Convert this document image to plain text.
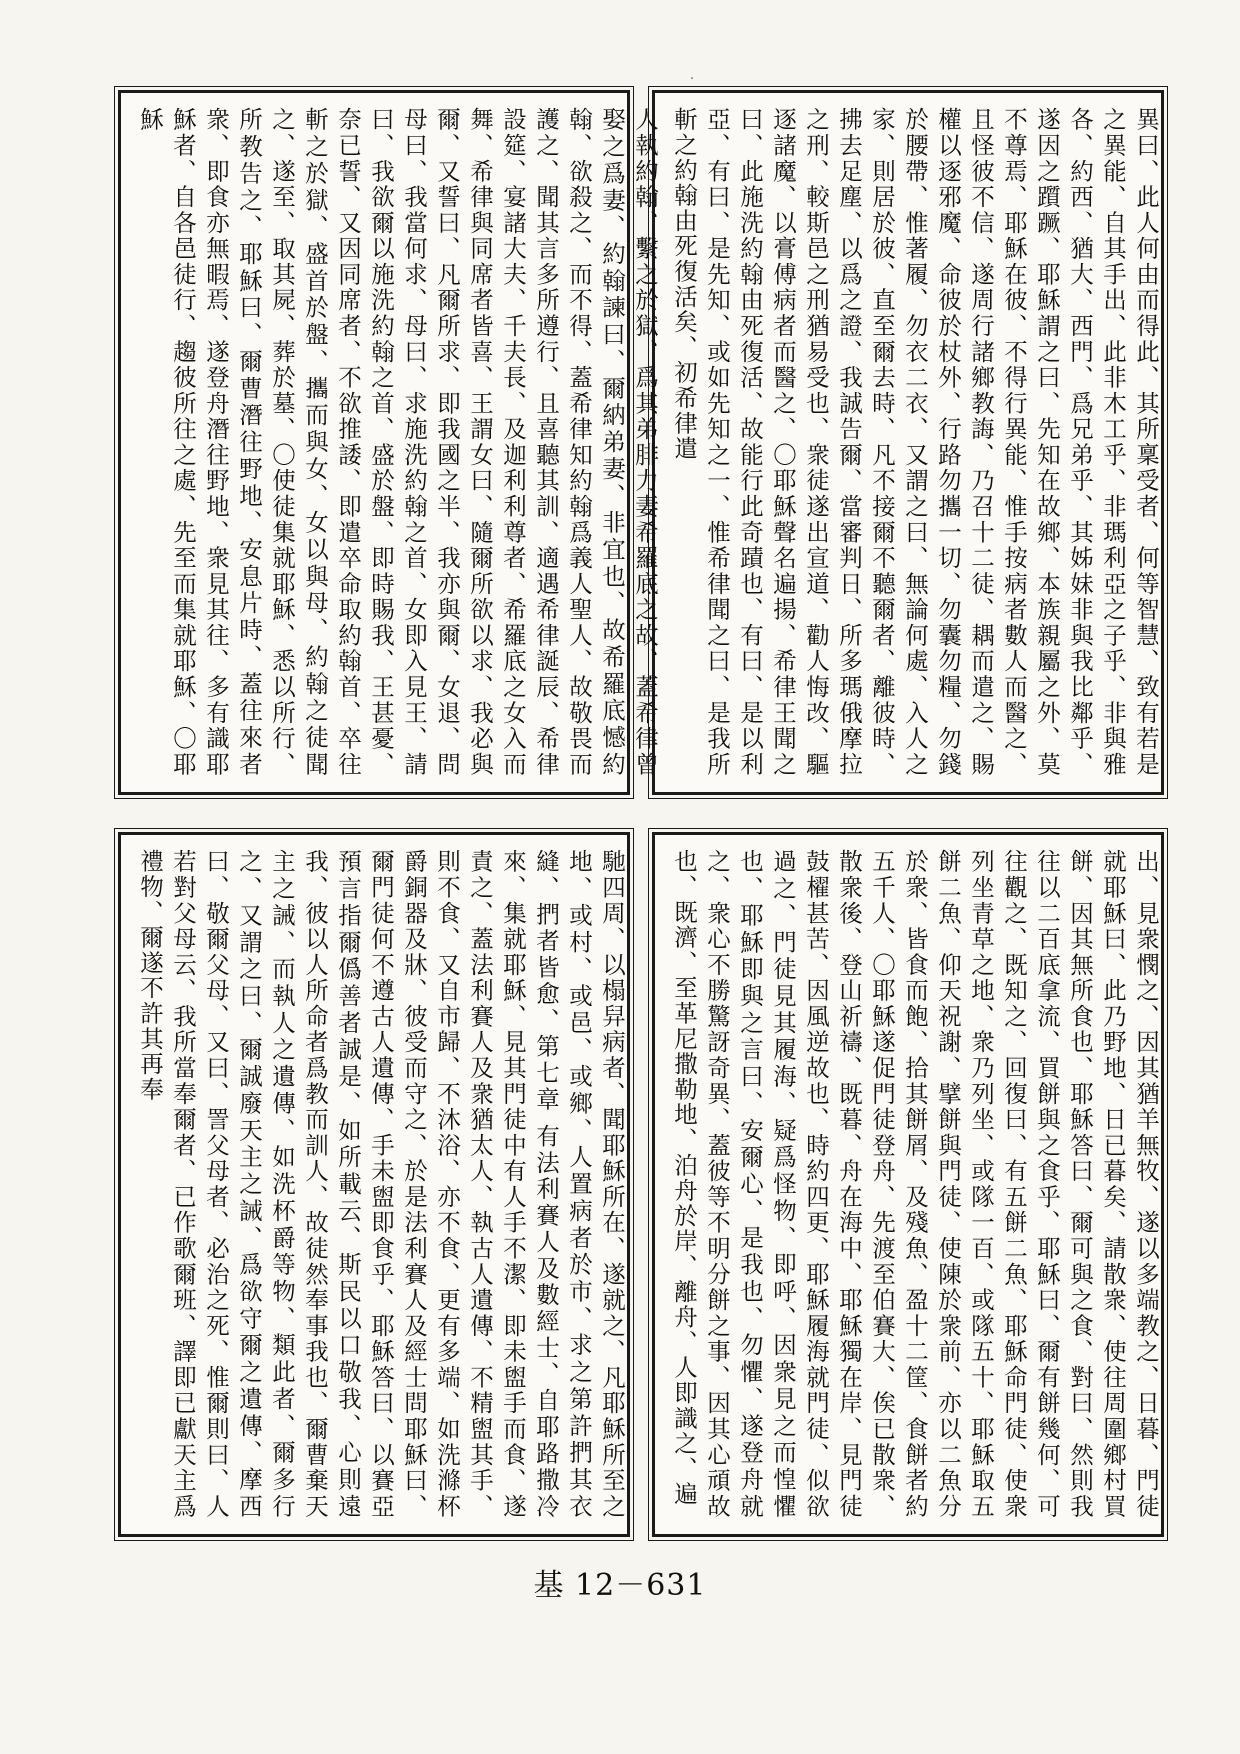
·
異曰、此人何由而得此、其所稟受者、何等智慧、致有若是之異能、自其手出、此非木工乎、非瑪利亞之子乎、非與雅各、約西、猶大、西門、爲兄弟乎、其姊妹非與我比鄰乎、遂因之躓蹶、耶穌謂之曰、先知在故鄉、本族親屬之外、莫不尊焉、耶穌在彼、不得行異能、惟手按病者數人而醫之、且怪彼不信、遂周行諸鄉教誨、乃召十二徒、耦而遣之、賜權以逐邪魔、命彼於杖外、行路勿攜一切、勿囊勿糧、勿錢於腰帶、惟著履、勿衣二衣、又謂之曰、無論何處、入人之家、則居於彼、直至爾去時、凡不接爾不聽爾者、離彼時、拂去足塵、以爲之證、我誠告爾、當審判日、所多瑪俄摩拉之刑、較斯邑之刑猶易受也、衆徒遂出宣道、勸人悔改、驅逐諸魔、以膏傅病者而醫之、〇耶穌聲名遍揚、希律王聞之曰、此施洗約翰由死復活、故能行此奇蹟也、有曰、是以利亞、有曰、是先知、或如先知之一、惟希律聞之曰、是我所斬之約翰由死復活矣、初希律遣
人執約翰、繫之於獄、爲其弟腓力妻希羅底之故、蓋希律曾娶之爲妻、約翰諫曰、爾納弟妻、非宜也、故希羅底憾約翰、欲殺之、而不得、蓋希律知約翰爲義人聖人、故敬畏而護之、聞其言多所遵行、且喜聽其訓、適遇希律誕辰、希律設筵、宴諸大夫、千夫長、及迦利利尊者、希羅底之女入而舞、希律與同席者皆喜、王謂女曰、隨爾所欲以求、我必與爾、又誓曰、凡爾所求、即我國之半、我亦與爾、女退、問母曰、我當何求、母曰、求施洗約翰之首、女即入見王、請曰、我欲爾以施洗約翰之首、盛於盤、即時賜我、王甚憂、奈已誓、又因同席者、不欲推諉、即遣卒命取約翰首、卒往斬之於獄、盛首於盤、攜而與女、女以與母、約翰之徒聞之、遂至、取其屍、葬於墓、〇使徒集就耶穌、悉以所行、所教告之、耶穌曰、爾曹潛往野地、安息片時、蓋往來者衆、即食亦無暇焉、遂登舟潛往野地、衆見其往、多有識耶穌者、自各邑徒行、趨彼所往之處、先至而集就耶穌、〇耶穌
出、見衆憫之、因其猶羊無牧、遂以多端教之、日暮、門徒就耶穌曰、此乃野地、日已暮矣、請散衆、使往周圍鄉村買餅、因其無所食也、耶穌答曰、爾可與之食、對曰、然則我往以二百底拿流、買餅與之食乎、耶穌曰、爾有餅幾何、可往觀之、既知之、回復曰、有五餅二魚、耶穌命門徒、使衆列坐青草之地、衆乃列坐、或隊一百、或隊五十、耶穌取五餅二魚、仰天祝謝、擘餅與門徒、使陳於衆前、亦以二魚分於衆、皆食而飽、拾其餅屑、及殘魚、盈十二筐、食餅者約五千人、〇耶穌遂促門徒登舟、先渡至伯賽大、俟已散衆、散衆後、登山祈禱、既暮、舟在海中、耶穌獨在岸、見門徒鼓櫂甚苦、因風逆故也、時約四更、耶穌履海就門徒、似欲過之、門徒見其履海、疑爲怪物、即呼、因衆見之而惶懼也、耶穌即與之言曰、安爾心、是我也、勿懼、遂登舟就之、衆心不勝驚訝奇異、蓋彼等不明分餅之事、因其心頑故也、既濟、至革尼撒勒地、泊舟於岸、離舟、人即識之、遍
馳四周、以榻舁病者、聞耶穌所在、遂就之、凡耶穌所至之地、或村、或邑、或鄉、人置病者於市、求之第許捫其衣縫、捫者皆愈、第七章 有法利賽人及數經士、自耶路撒冷來、集就耶穌、見其門徒中有人手不潔、即未盥手而食、遂責之、蓋法利賽人及衆猶太人、執古人遺傳、不精盥其手、則不食、又自市歸、不沐浴、亦不食、更有多端、如洗滌杯爵銅器及牀、彼受而守之、於是法利賽人及經士問耶穌曰、爾門徒何不遵古人遺傳、手未盥即食乎、耶穌答曰、以賽亞預言指爾僞善者誠是、如所載云、斯民以口敬我、心則遠我、彼以人所命者爲教而訓人、故徒然奉事我也、爾曹棄天主之誡、而執人之遺傳、如洗杯爵等物、類此者、爾多行之、又謂之曰、爾誠廢天主之誡、爲欲守爾之遺傳、摩西曰、敬爾父母、又曰、詈父母者、必治之死、惟爾則曰、人若對父母云、我所當奉爾者、已作歌爾班、譯即已獻天主爲禮物、爾遂不許其再奉
基 12－631
